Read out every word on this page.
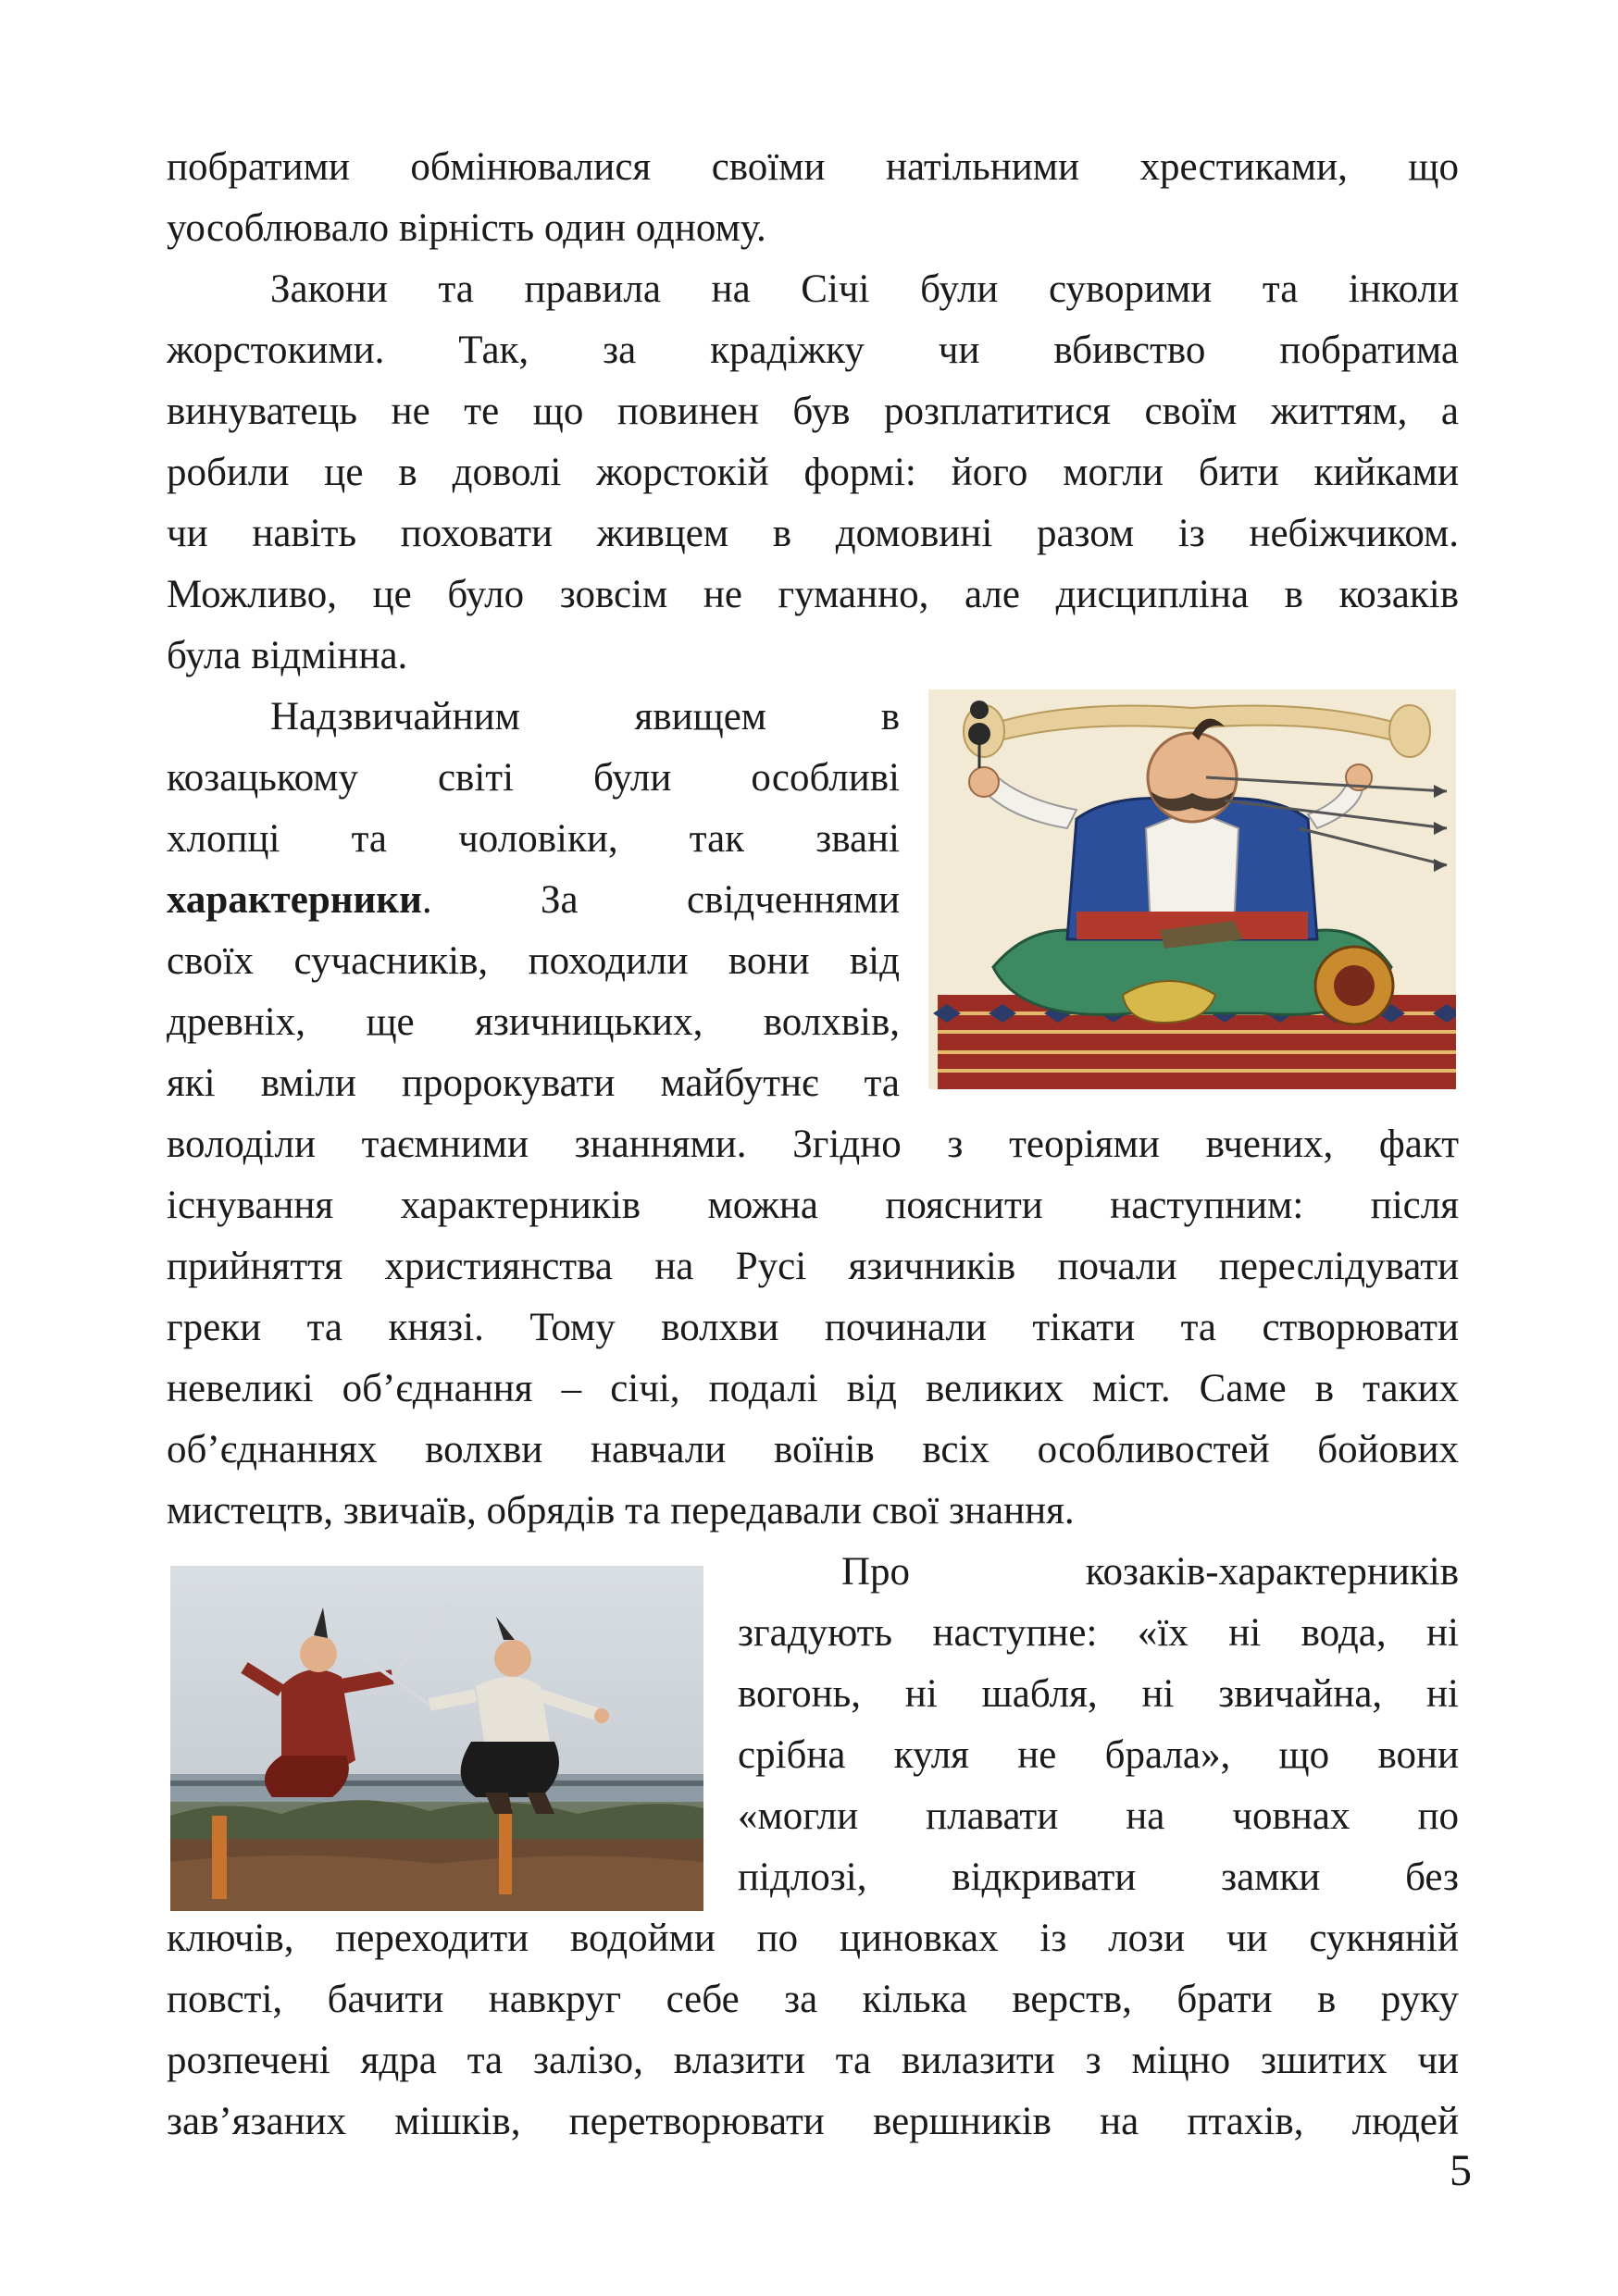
побратими обмінювалися своїми натільними хрестиками, що
уособлювало вірність один одному.
Закони та правила на Січі були суворими та інколи
жорстокими. Так, за крадіжку чи вбивство побратима
винуватець не те що повинен був розплатитися своїм життям, а
робили це в доволі жорстокій формі: його могли бити кийками
чи навіть поховати живцем в домовині разом із небіжчиком.
Можливо, це було зовсім не гуманно, але дисципліна в козаків
була відмінна.
Надзвичайним явищем в
козацькому світі були особливі
хлопці та чоловіки, так звані
характерники. За свідченнями
своїх сучасників, походили вони від
древніх, ще язичницьких, волхвів,
які вміли пророкувати майбутнє та
володіли таємними знаннями. Згідно з теоріями вчених, факт
існування характерників можна пояснити наступним: після
прийняття християнства на Русі язичників почали переслідувати
греки та князі. Тому волхви починали тікати та створювати
невеликі об’єднання – січі, подалі від великих міст. Саме в таких
об’єднаннях волхви навчали воїнів всіх особливостей бойових
мистецтв, звичаїв, обрядів та передавали свої знання.
Про козаків-характерників
згадують наступне: «їх ні вода, ні
вогонь, ні шабля, ні звичайна, ні
срібна куля не брала», що вони
«могли плавати на човнах по
підлозі, відкривати замки без
ключів, переходити водойми по циновках із лози чи сукняній
повсті, бачити навкруг себе за кілька верств, брати в руку
розпечені ядра та залізо, влазити та вилазити з міцно зшитих чи
зав’язаних мішків, перетворювати вершників на птахів, людей
5
